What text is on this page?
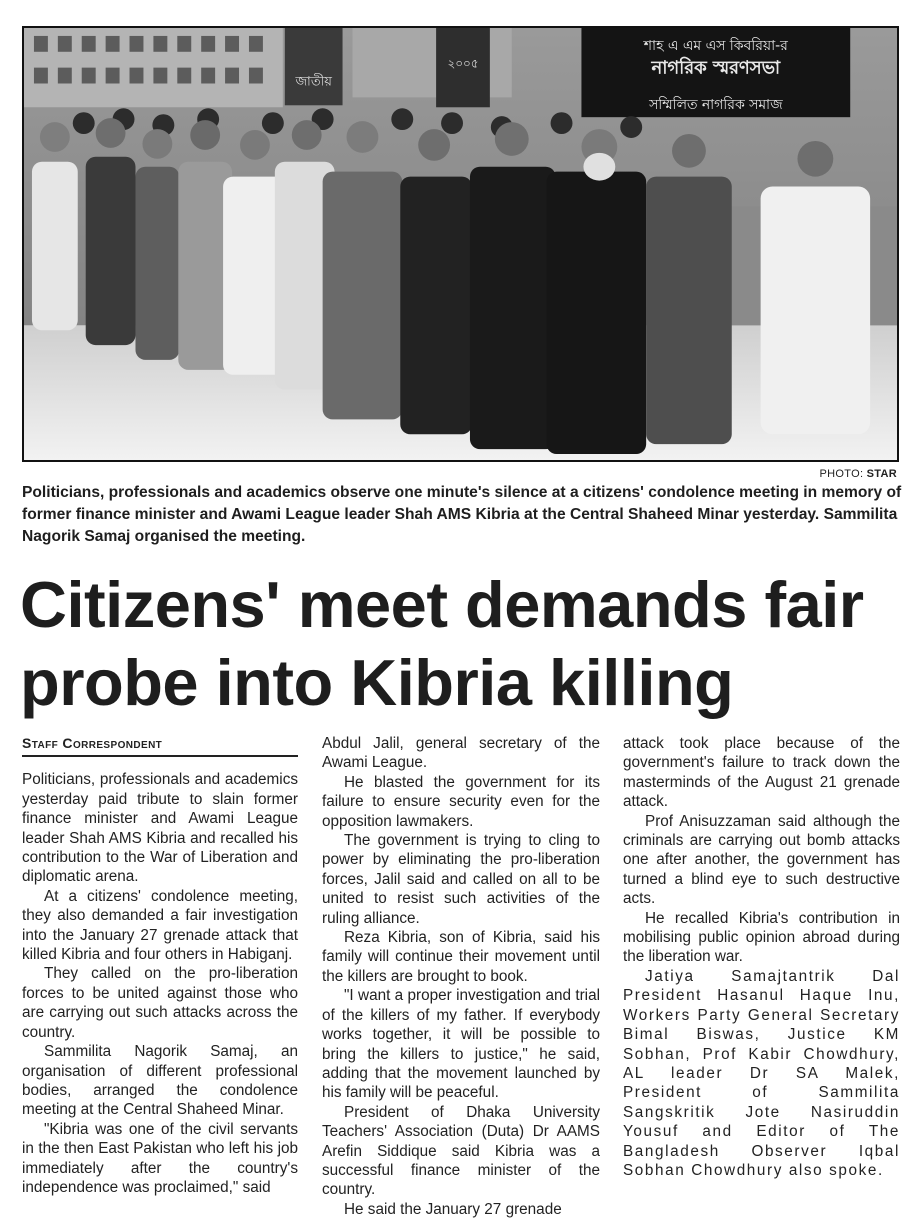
জাতীয়
২০০৫
শাহ এ এম এস কিবরিয়া-র
নাগরিক স্মরণসভা
সম্মিলিত নাগরিক সমাজ
PHOTO: STAR
Politicians, professionals and academics observe one minute's silence at a citizens' condolence meeting in memory of former finance minister and Awami League leader Shah AMS Kibria at the Central Shaheed Minar yesterday. Sammilita Nagorik Samaj organised the meeting.
Citizens' meet demands fair probe into Kibria killing
Staff Correspondent

Politicians, professionals and academics yesterday paid tribute to slain former finance minister and Awami League leader Shah AMS Kibria and recalled his contribution to the War of Liberation and diplomatic arena.

At a citizens' condolence meeting, they also demanded a fair investigation into the January 27 grenade attack that killed Kibria and four others in Habiganj.

They called on the pro-liberation forces to be united against those who are carrying out such attacks across the country.

Sammilita Nagorik Samaj, an organisation of different professional bodies, arranged the condolence meeting at the Central Shaheed Minar.

"Kibria was one of the civil servants in the then East Pakistan who left his job immediately after the country's independence was proclaimed," said

Abdul Jalil, general secretary of the Awami League.

He blasted the government for its failure to ensure security even for the opposition lawmakers.

The government is trying to cling to power by eliminating the pro-liberation forces, Jalil said and called on all to be united to resist such activities of the ruling alliance.

Reza Kibria, son of Kibria, said his family will continue their movement until the killers are brought to book.

"I want a proper investigation and trial of the killers of my father. If everybody works together, it will be possible to bring the killers to justice," he said, adding that the movement launched by his family will be peaceful.

President of Dhaka University Teachers' Association (Duta) Dr AAMS Arefin Siddique said Kibria was a successful finance minister of the country.

He said the January 27 grenade

attack took place because of the government's failure to track down the masterminds of the August 21 grenade attack.

Prof Anisuzzaman said although the criminals are carrying out bomb attacks one after another, the government has turned a blind eye to such destructive acts.

He recalled Kibria's contribution in mobilising public opinion abroad during the liberation war.

Jatiya Samajtantrik Dal President Hasanul Haque Inu, Workers Party General Secretary Bimal Biswas, Justice KM Sobhan, Prof Kabir Chowdhury, AL leader Dr SA Malek, President of Sammilita Sangskritik Jote Nasiruddin Yousuf and Editor of The Bangladesh Observer Iqbal Sobhan Chowdhury also spoke.
